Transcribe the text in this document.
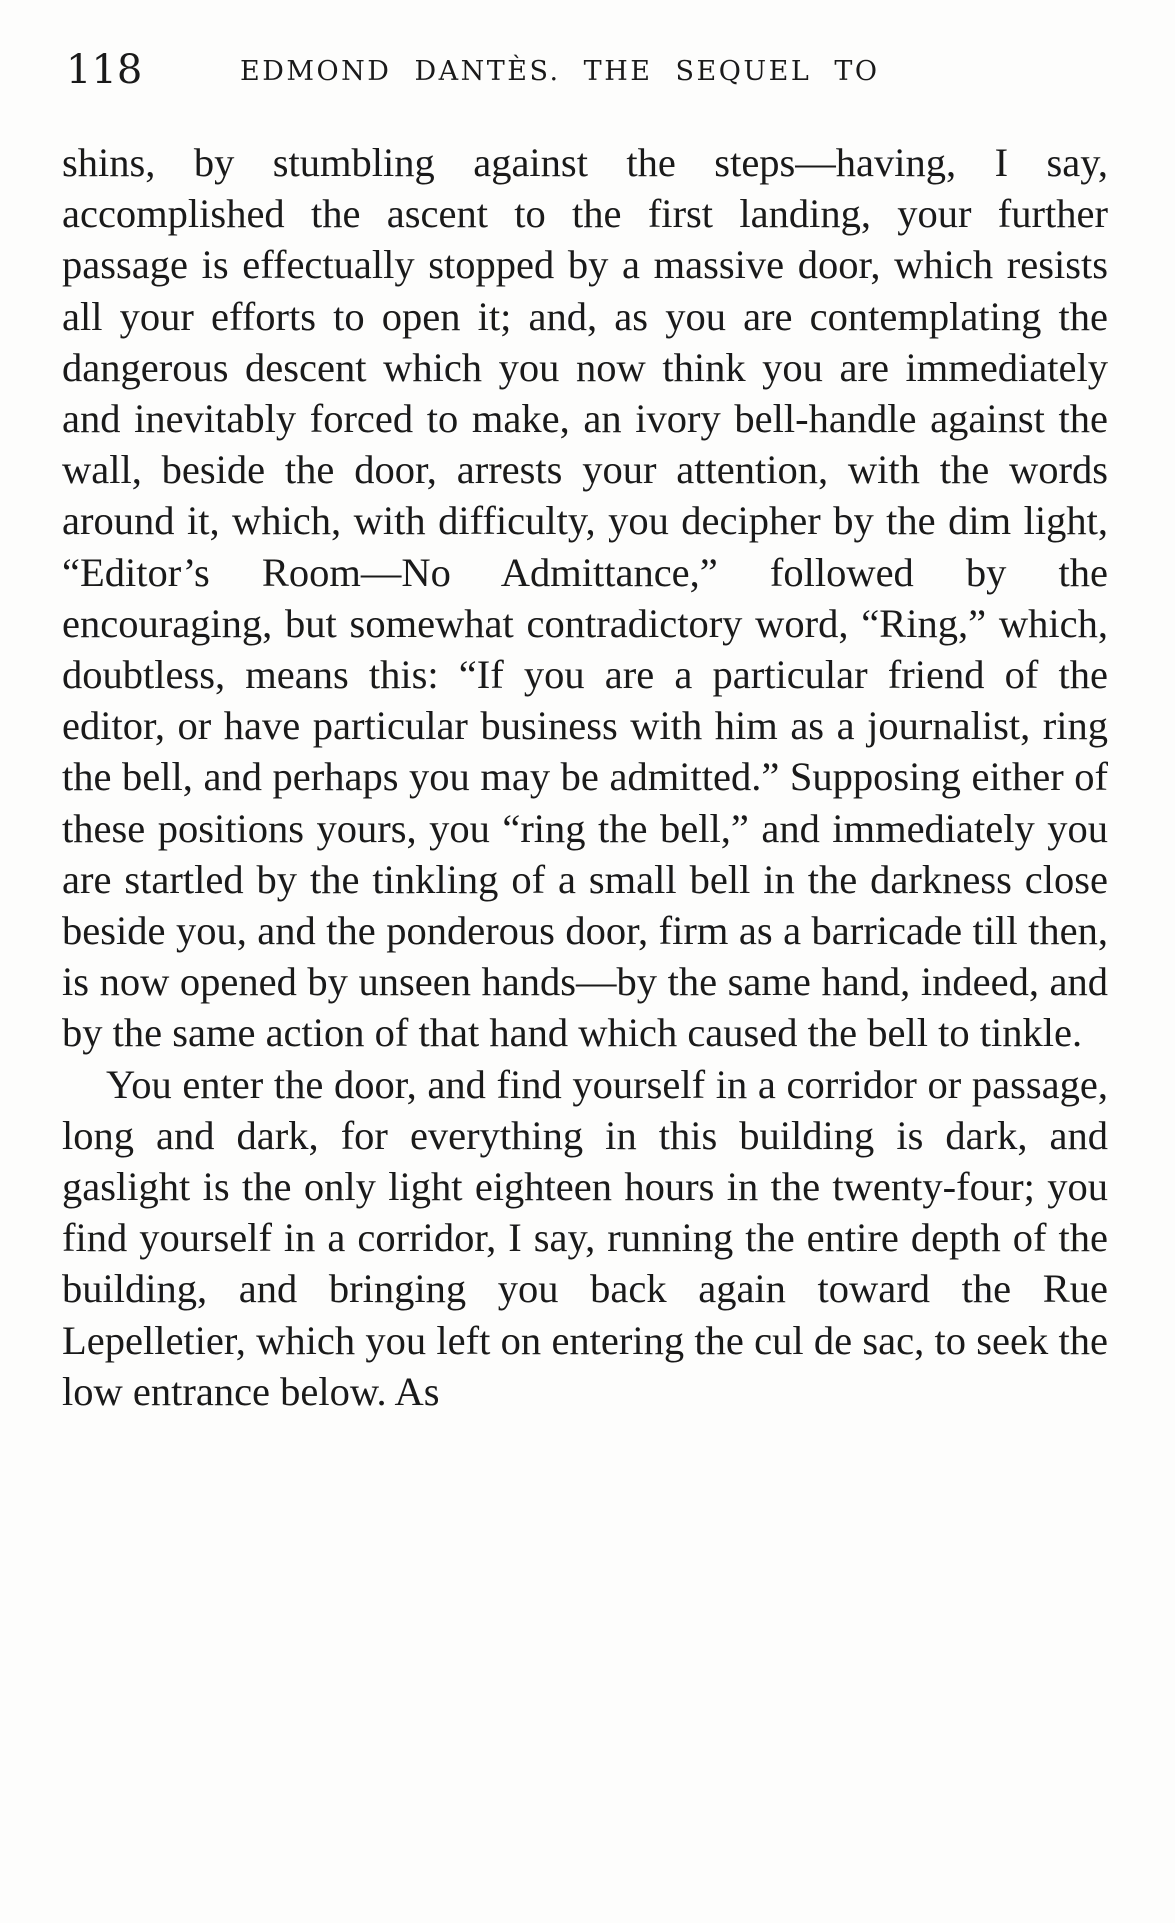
118	EDMOND DANTÈS. THE SEQUEL TO

shins, by stumbling against the steps—having, I say, accomplished the ascent to the first landing, your further passage is effectually stopped by a massive door, which resists all your efforts to open it; and, as you are contemplating the dangerous descent which you now think you are immediately and inevitably forced to make, an ivory bell-handle against the wall, beside the door, arrests your attention, with the words around it, which, with difficulty, you decipher by the dim light, “Editor’s Room—No Admittance,” followed by the encouraging, but somewhat contradictory word, “Ring,” which, doubtless, means this: “If you are a particular friend of the editor, or have particular business with him as a journalist, ring the bell, and perhaps you may be admitted.” Supposing either of these positions yours, you “ring the bell,” and immediately you are startled by the tinkling of a small bell in the darkness close beside you, and the ponderous door, firm as a barricade till then, is now opened by unseen hands—by the same hand, indeed, and by the same action of that hand which caused the bell to tinkle.

You enter the door, and find yourself in a corridor or passage, long and dark, for everything in this building is dark, and gaslight is the only light eighteen hours in the twenty-four; you find yourself in a corridor, I say, running the entire depth of the building, and bringing you back again toward the Rue Lepelletier, which you left on entering the cul de sac, to seek the low entrance below. As
